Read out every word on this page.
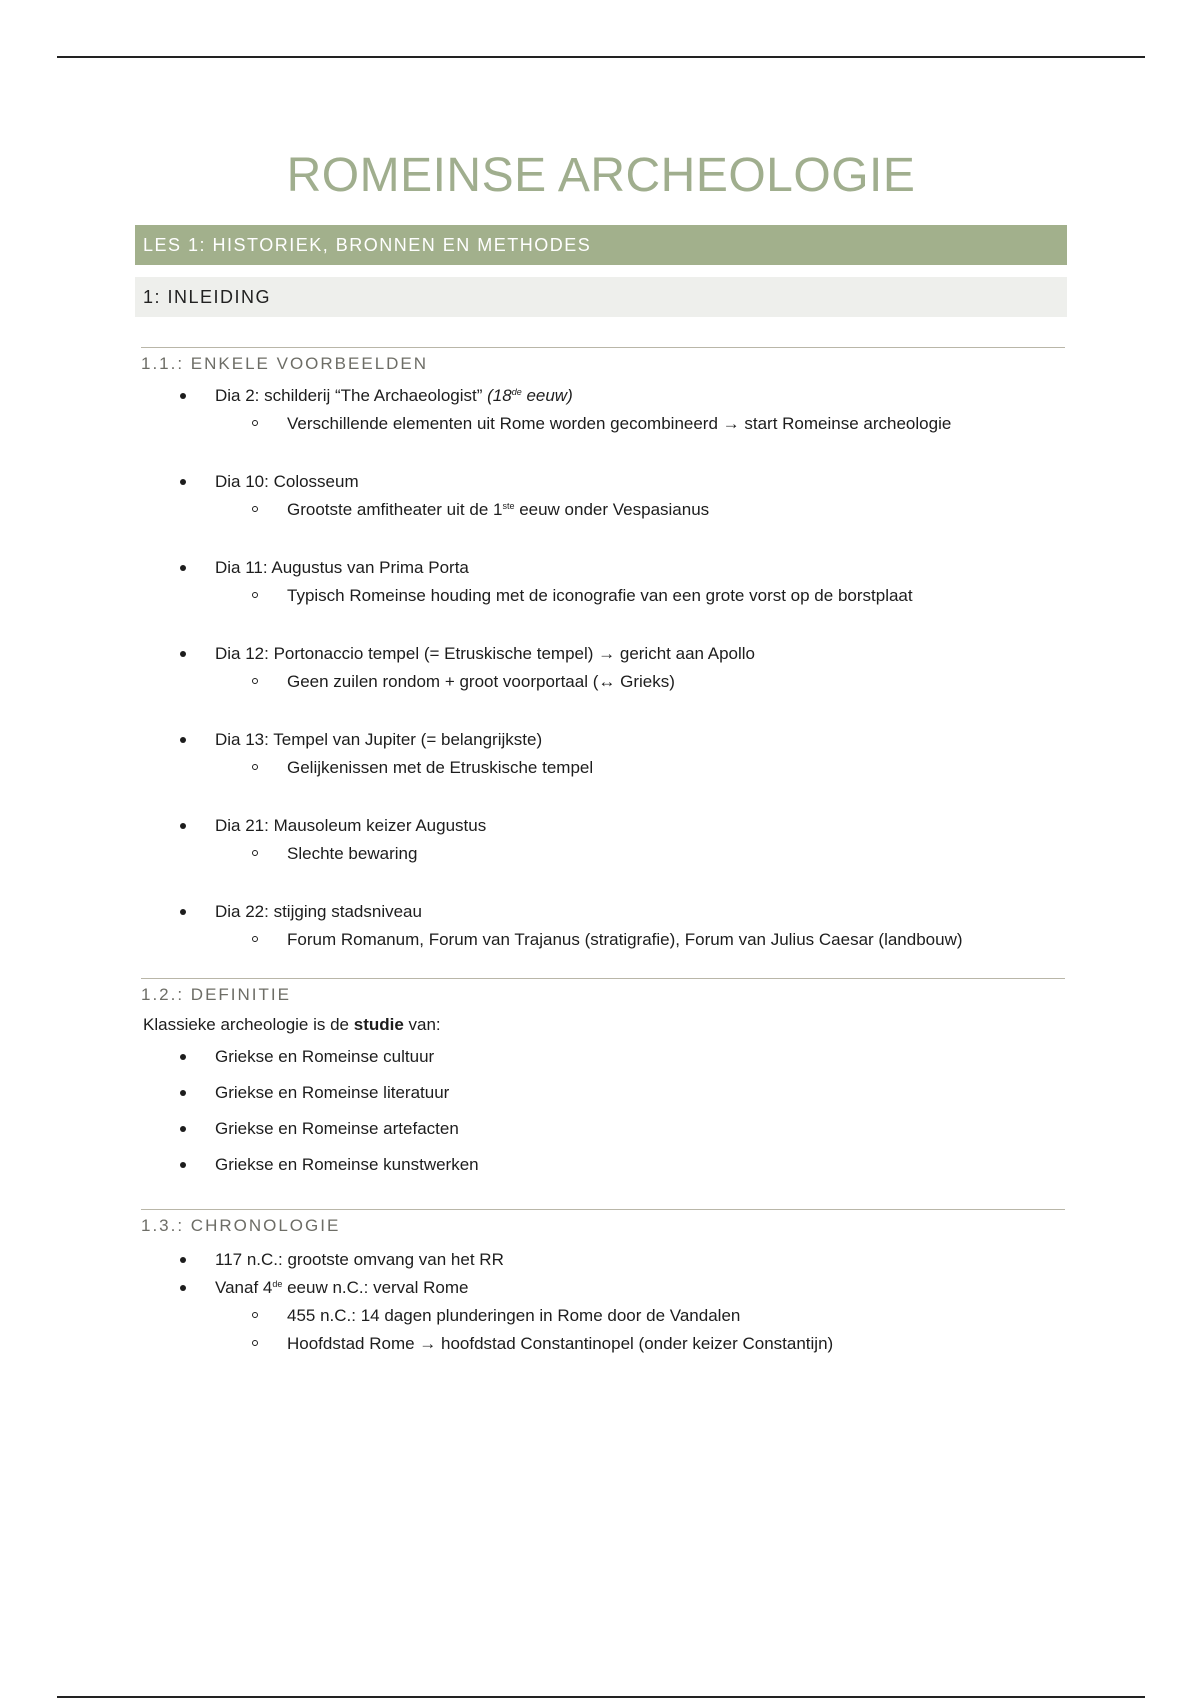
ROMEINSE ARCHEOLOGIE
LES 1: HISTORIEK, BRONNEN EN METHODES
1: INLEIDING
1.1.: ENKELE VOORBEELDEN
Dia 2: schilderij “The Archaeologist” (18de eeuw)
Verschillende elementen uit Rome worden gecombineerd → start Romeinse archeologie
Dia 10: Colosseum
Grootste amfitheater uit de 1ste eeuw onder Vespasianus
Dia 11: Augustus van Prima Porta
Typisch Romeinse houding met de iconografie van een grote vorst op de borstplaat
Dia 12: Portonaccio tempel (= Etruskische tempel) → gericht aan Apollo
Geen zuilen rondom + groot voorportaal (↔ Grieks)
Dia 13: Tempel van Jupiter (= belangrijkste)
Gelijkenissen met de Etruskische tempel
Dia 21: Mausoleum keizer Augustus
Slechte bewaring
Dia 22: stijging stadsniveau
Forum Romanum, Forum van Trajanus (stratigrafie), Forum van Julius Caesar (landbouw)
1.2.: DEFINITIE
Klassieke archeologie is de studie van:
Griekse en Romeinse cultuur
Griekse en Romeinse literatuur
Griekse en Romeinse artefacten
Griekse en Romeinse kunstwerken
1.3.: CHRONOLOGIE
117 n.C.: grootste omvang van het RR
Vanaf 4de eeuw n.C.: verval Rome
455 n.C.: 14 dagen plunderingen in Rome door de Vandalen
Hoofdstad Rome → hoofdstad Constantinopel (onder keizer Constantijn)
